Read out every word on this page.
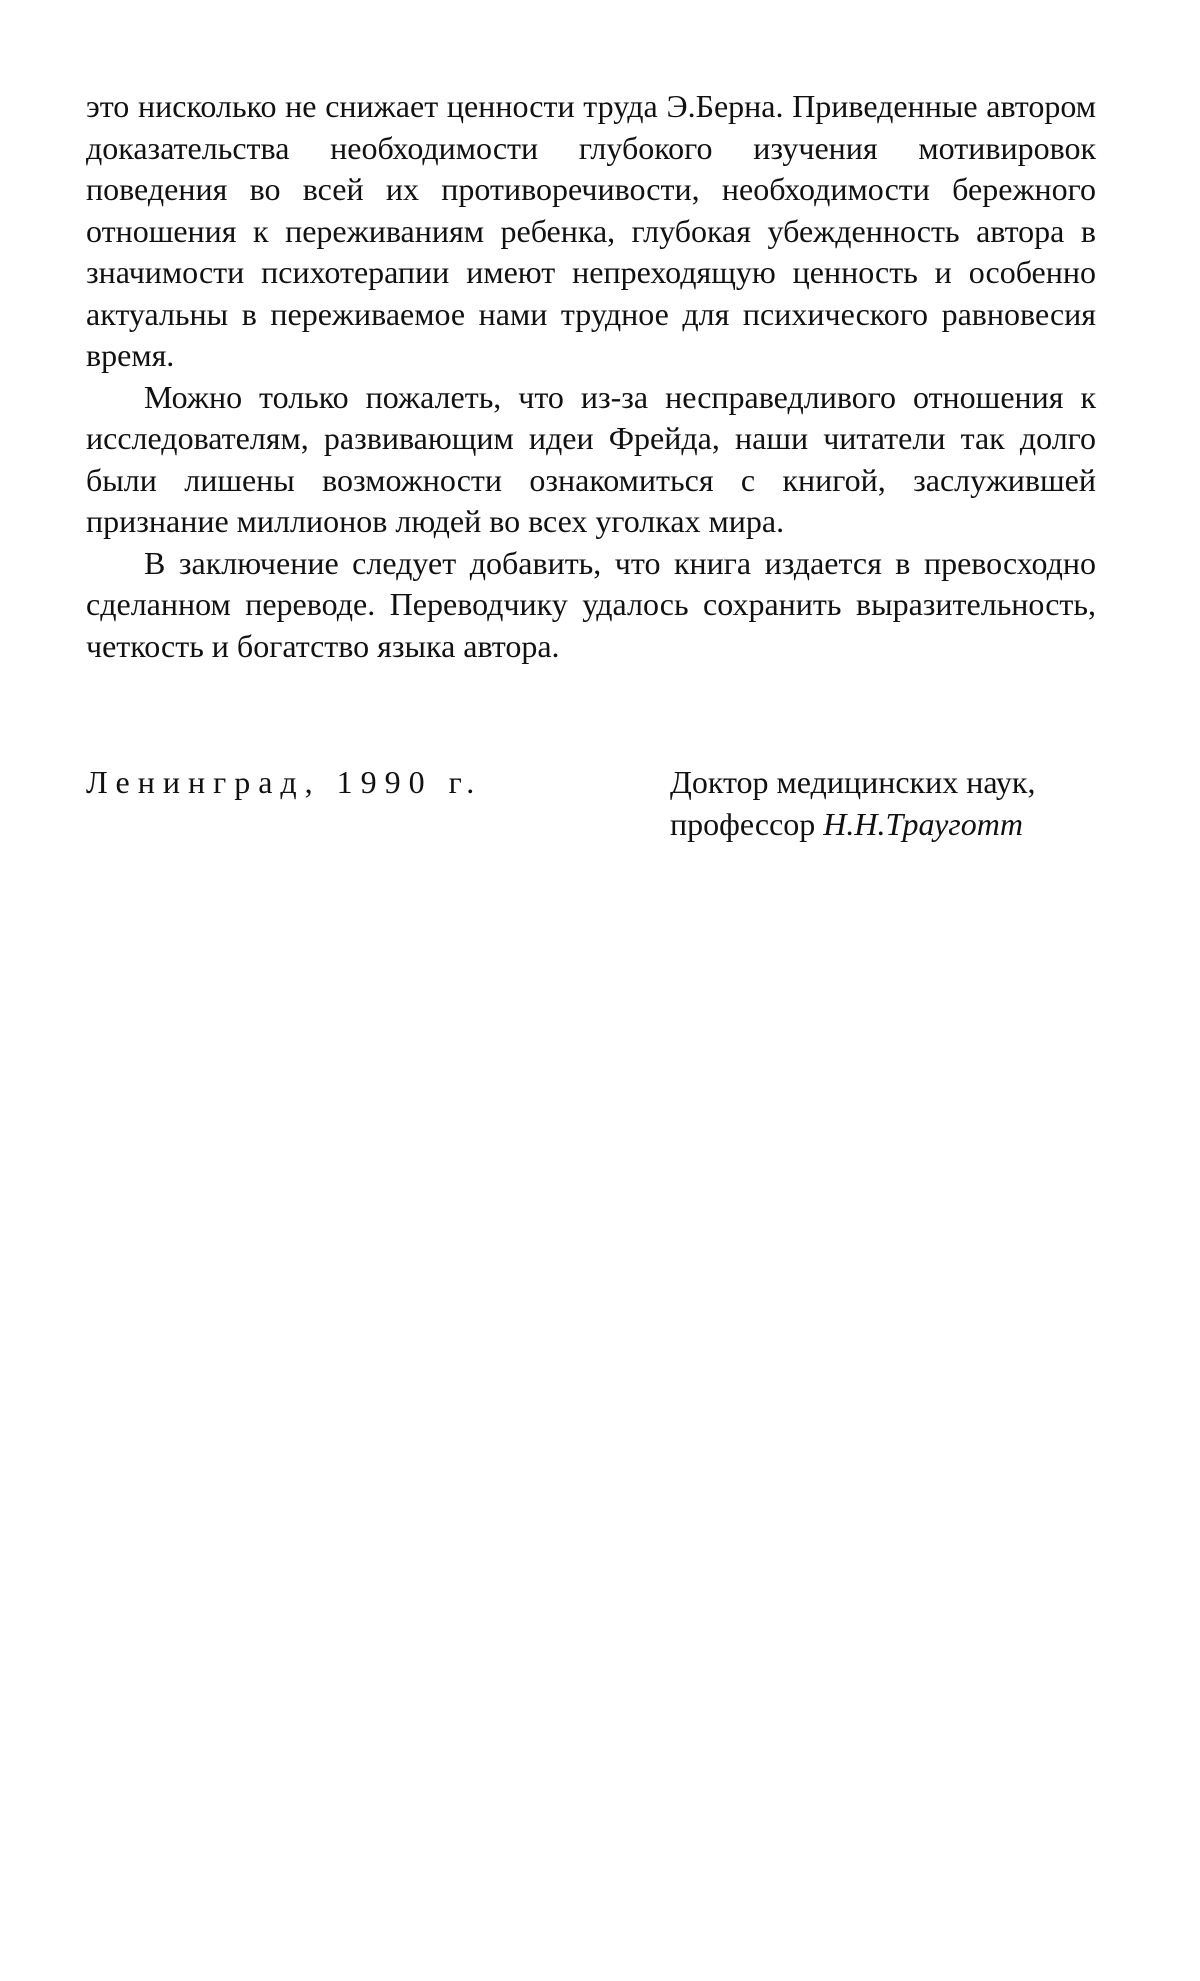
это нисколько не снижает ценности труда Э.Берна. Приведенные автором доказательства необходимости глубокого изучения мотивировок поведения во всей их противоречивости, необходимости бережного отношения к переживаниям ребенка, глубокая убежденность автора в значимости психотерапии имеют непреходящую ценность и особенно актуальны в переживаемое нами трудное для психического равновесия время.

Можно только пожалеть, что из-за несправедливого отношения к исследователям, развивающим идеи Фрейда, наши читатели так долго были лишены возможности ознакомиться с книгой, заслужившей признание миллионов людей во всех уголках мира.

В заключение следует добавить, что книга издается в превосходно сделанном переводе. Переводчику удалось сохранить выразительность, четкость и богатство языка автора.

Ленинград, 1990 г.	Доктор медицинских наук,
профессор Н.Н.Трауготт
